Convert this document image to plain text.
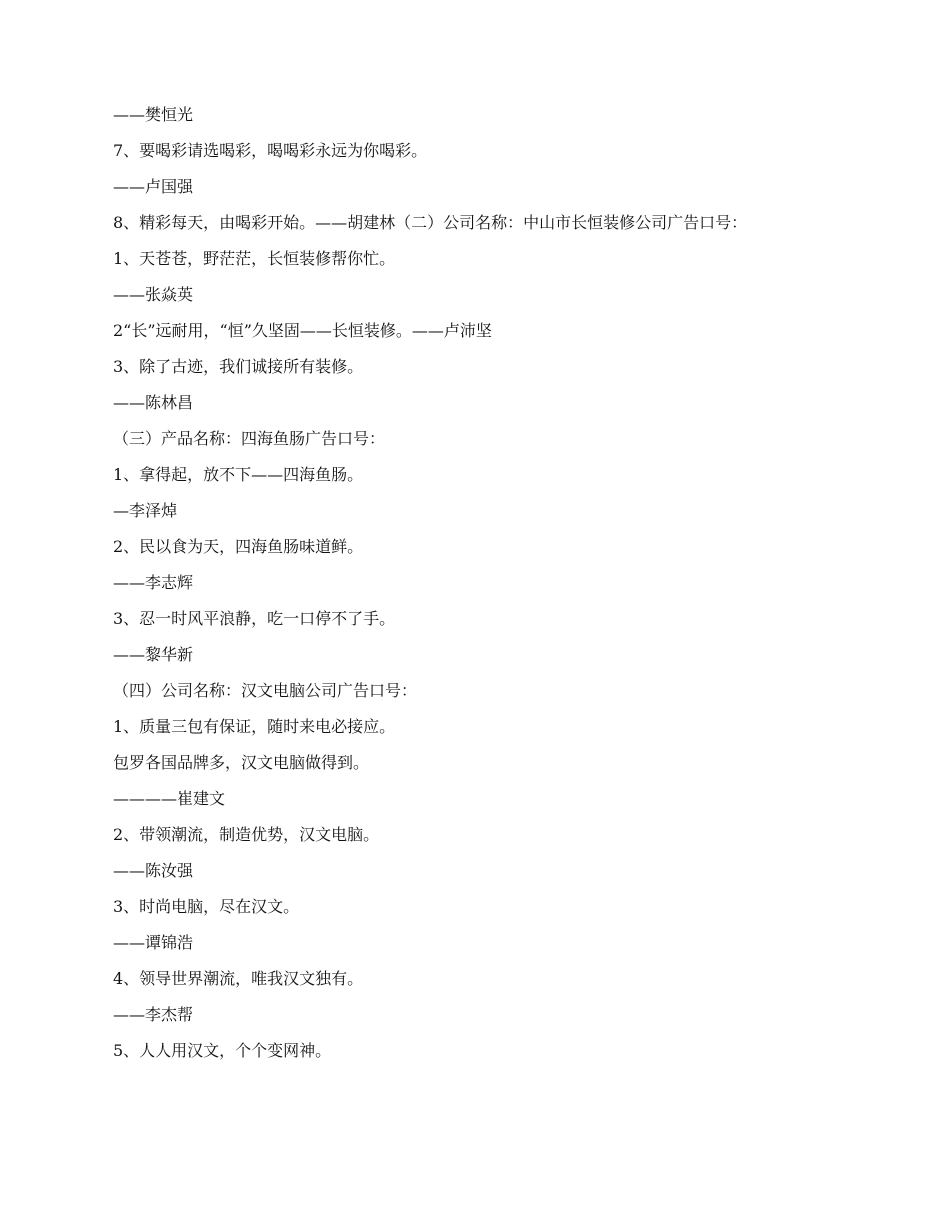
——樊恒光
7、要喝彩请选喝彩，喝喝彩永远为你喝彩。
——卢国强
8、精彩每天，由喝彩开始。——胡建林（二）公司名称：中山市长恒装修公司广告口号：
1、天苍苍，野茫茫，长恒装修帮你忙。
——张焱英
2“长”远耐用，“恒”久坚固——长恒装修。——卢沛坚
3、除了古迹，我们诚接所有装修。
——陈林昌
（三）产品名称：四海鱼肠广告口号：
1、拿得起，放不下——四海鱼肠。
—李泽焯
2、民以食为天，四海鱼肠味道鲜。
——李志辉
3、忍一时风平浪静，吃一口停不了手。
——黎华新
（四）公司名称：汉文电脑公司广告口号：
1、质量三包有保证，随时来电必接应。
包罗各国品牌多，汉文电脑做得到。
————崔建文
2、带领潮流，制造优势，汉文电脑。
——陈汝强
3、时尚电脑，尽在汉文。
——谭锦浩
4、领导世界潮流，唯我汉文独有。
——李杰帮
5、人人用汉文，个个变网神。
